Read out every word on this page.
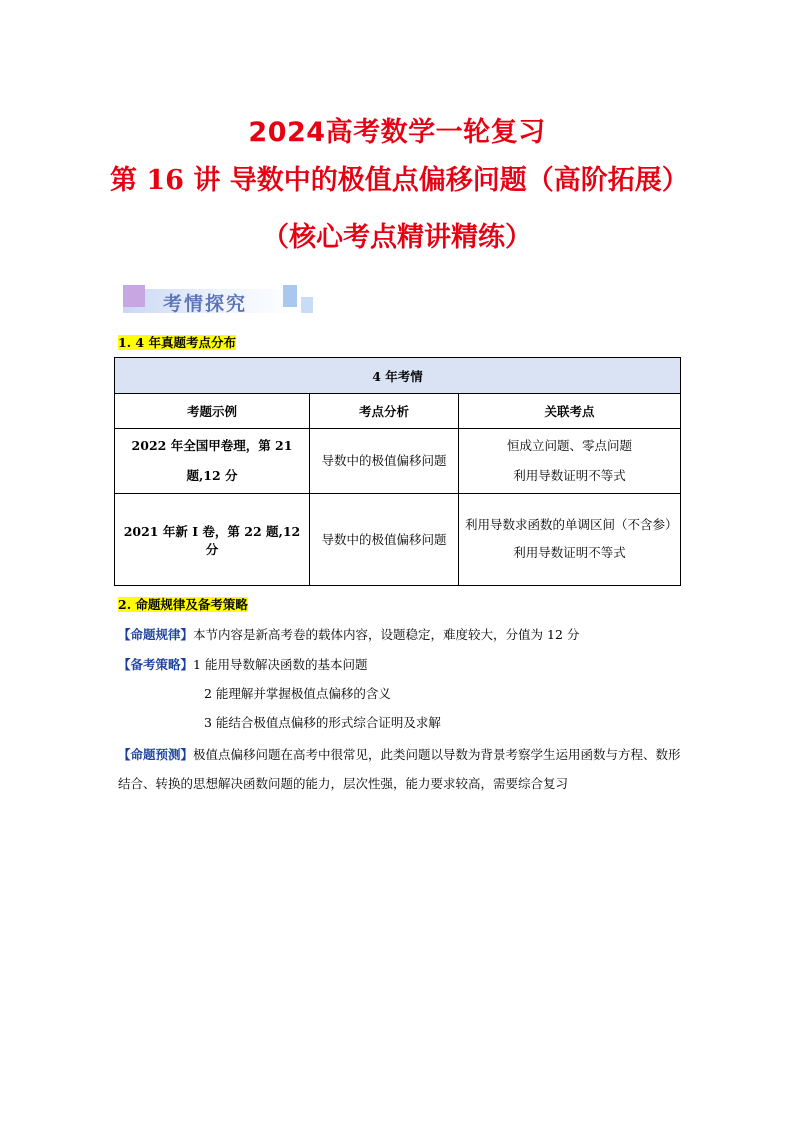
2024高考数学一轮复习
第 16 讲 导数中的极值点偏移问题（高阶拓展）
（核心考点精讲精练）
考情探究
1. 4 年真题考点分布
4 年考情		
考题示例	考点分析	关联考点
2022 年全国甲卷理，第 21 题,12 分	导数中的极值偏移问题	恒成立问题、零点问题
利用导数证明不等式

2021 年新 I 卷，第 22 题,12 分	导数中的极值偏移问题	利用导数求函数的单调区间（不含参）
利用导数证明不等式
2. 命题规律及备考策略
【命题规律】本节内容是新高考卷的载体内容，设题稳定，难度较大，分值为 12 分
【备考策略】1 能用导数解决函数的基本问题
2 能理解并掌握极值点偏移的含义
3 能结合极值点偏移的形式综合证明及求解
【命题预测】极值点偏移问题在高考中很常见，此类问题以导数为背景考察学生运用函数与方程、数形结合、转换的思想解决函数问题的能力，层次性强，能力要求较高，需要综合复习
